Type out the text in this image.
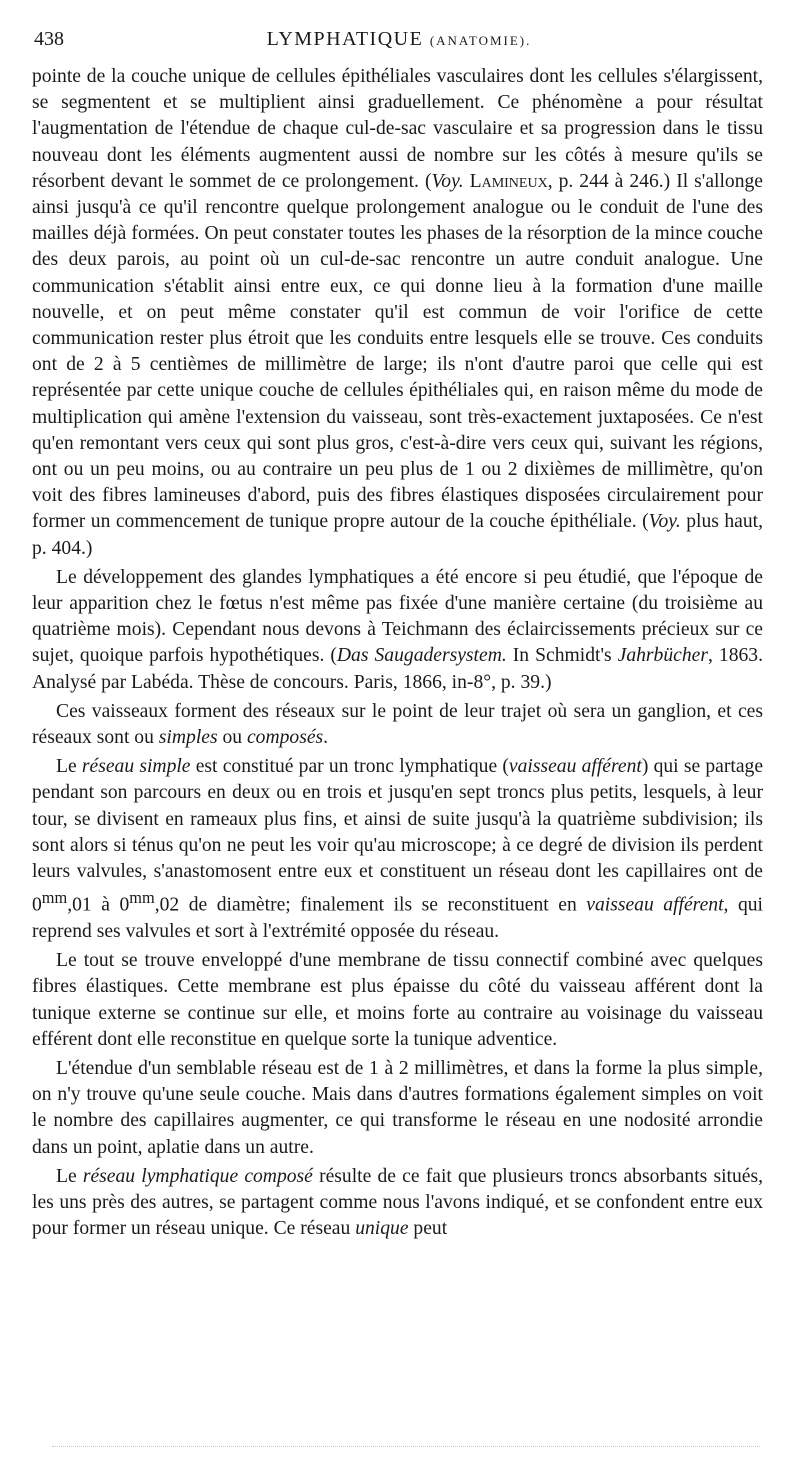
438	LYMPHATIQUE (ANATOMIE).

pointe de la couche unique de cellules épithéliales vasculaires dont les cellules s'élargissent, se segmentent et se multiplient ainsi graduellement. Ce phénomène a pour résultat l'augmentation de l'étendue de chaque cul-de-sac vasculaire et sa progression dans le tissu nouveau dont les éléments augmentent aussi de nombre sur les côtés à mesure qu'ils se résorbent devant le sommet de ce prolongement. (Voy. Lamineux, p. 244 à 246.) Il s'allonge ainsi jusqu'à ce qu'il rencontre quelque prolongement analogue ou le conduit de l'une des mailles déjà formées. On peut constater toutes les phases de la résorption de la mince couche des deux parois, au point où un cul-de-sac rencontre un autre conduit analogue. Une communication s'établit ainsi entre eux, ce qui donne lieu à la formation d'une maille nouvelle, et on peut même constater qu'il est commun de voir l'orifice de cette communication rester plus étroit que les conduits entre lesquels elle se trouve. Ces conduits ont de 2 à 5 centièmes de millimètre de large; ils n'ont d'autre paroi que celle qui est représentée par cette unique couche de cellules épithéliales qui, en raison même du mode de multiplication qui amène l'extension du vaisseau, sont très-exactement juxtaposées. Ce n'est qu'en remontant vers ceux qui sont plus gros, c'est-à-dire vers ceux qui, suivant les régions, ont ou un peu moins, ou au contraire un peu plus de 1 ou 2 dixièmes de millimètre, qu'on voit des fibres lamineuses d'abord, puis des fibres élastiques disposées circulairement pour former un commencement de tunique propre autour de la couche épithéliale. (Voy. plus haut, p. 404.)

Le développement des glandes lymphatiques a été encore si peu étudié, que l'époque de leur apparition chez le fœtus n'est même pas fixée d'une manière certaine (du troisième au quatrième mois). Cependant nous devons à Teichmann des éclaircissements précieux sur ce sujet, quoique parfois hypothétiques. (Das Saugadersystem. In Schmidt's Jahrbücher, 1863. Analysé par Labéda. Thèse de concours. Paris, 1866, in-8°, p. 39.)

Ces vaisseaux forment des réseaux sur le point de leur trajet où sera un ganglion, et ces réseaux sont ou simples ou composés.

Le réseau simple est constitué par un tronc lymphatique (vaisseau afférent) qui se partage pendant son parcours en deux ou en trois et jusqu'en sept troncs plus petits, lesquels, à leur tour, se divisent en rameaux plus fins, et ainsi de suite jusqu'à la quatrième subdivision; ils sont alors si ténus qu'on ne peut les voir qu'au microscope; à ce degré de division ils perdent leurs valvules, s'anastomosent entre eux et constituent un réseau dont les capillaires ont de $0^{mm},01$ à $0^{mm},02$ de diamètre; finalement ils se reconstituent en vaisseau afférent, qui reprend ses valvules et sort à l'extrémité opposée du réseau.

Le tout se trouve enveloppé d'une membrane de tissu connectif combiné avec quelques fibres élastiques. Cette membrane est plus épaisse du côté du vaisseau afférent dont la tunique externe se continue sur elle, et moins forte au contraire au voisinage du vaisseau efférent dont elle reconstitue en quelque sorte la tunique adventice.

L'étendue d'un semblable réseau est de 1 à 2 millimètres, et dans la forme la plus simple, on n'y trouve qu'une seule couche. Mais dans d'autres formations également simples on voit le nombre des capillaires augmenter, ce qui transforme le réseau en une nodosité arrondie dans un point, aplatie dans un autre.

Le réseau lymphatique composé résulte de ce fait que plusieurs troncs absorbants situés, les uns près des autres, se partagent comme nous l'avons indiqué, et se confondent entre eux pour former un réseau unique. Ce réseau unique peut
